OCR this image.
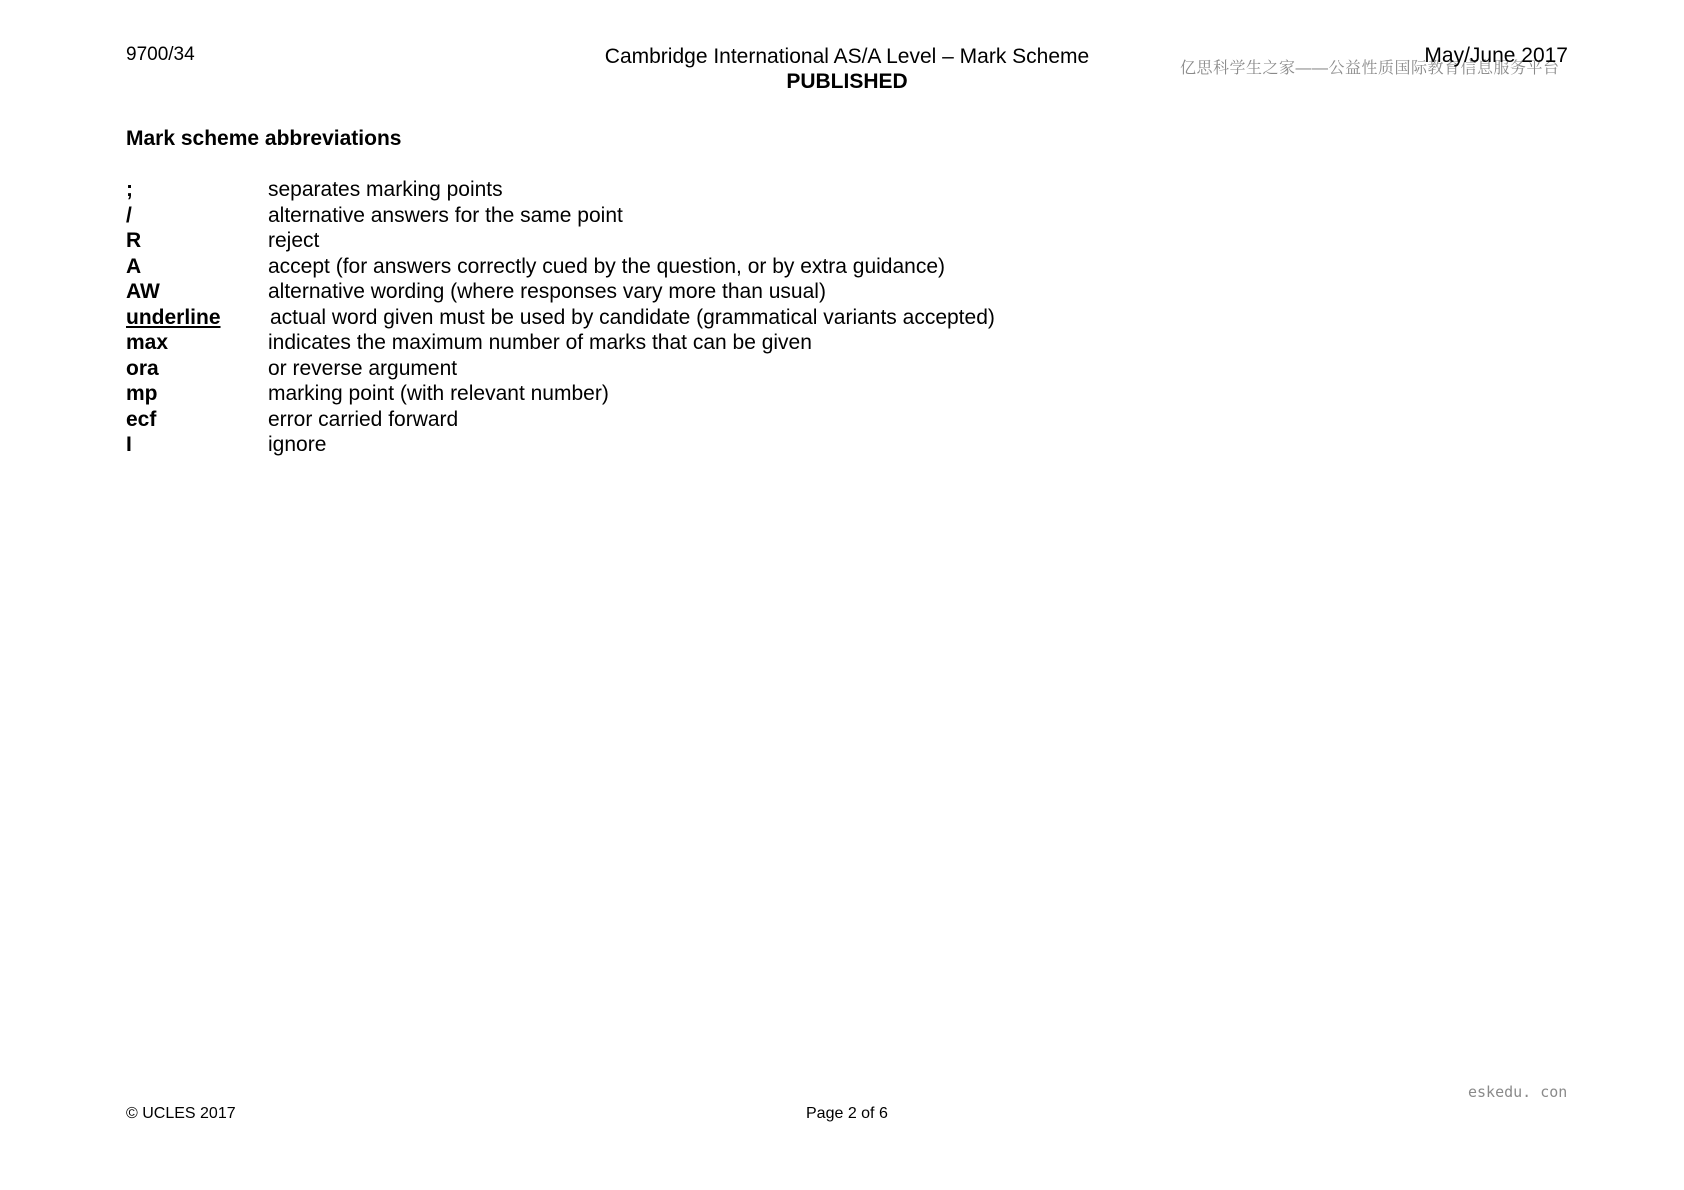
9700/34	Cambridge International AS/A Level – Mark Scheme
PUBLISHED
亿思科学生之家——公益性质国际教育信息服务平台
May/June 2017
Mark scheme abbreviations
;	separates marking points
/	alternative answers for the same point
R	reject
A	accept (for answers correctly cued by the question, or by extra guidance)
AW	alternative wording (where responses vary more than usual)
underline	actual word given must be used by candidate (grammatical variants accepted)
max	indicates the maximum number of marks that can be given
ora	or reverse argument
mp	marking point (with relevant number)
ecf	error carried forward
I	ignore
eskedu. con
© UCLES 2017	Page 2 of 6
